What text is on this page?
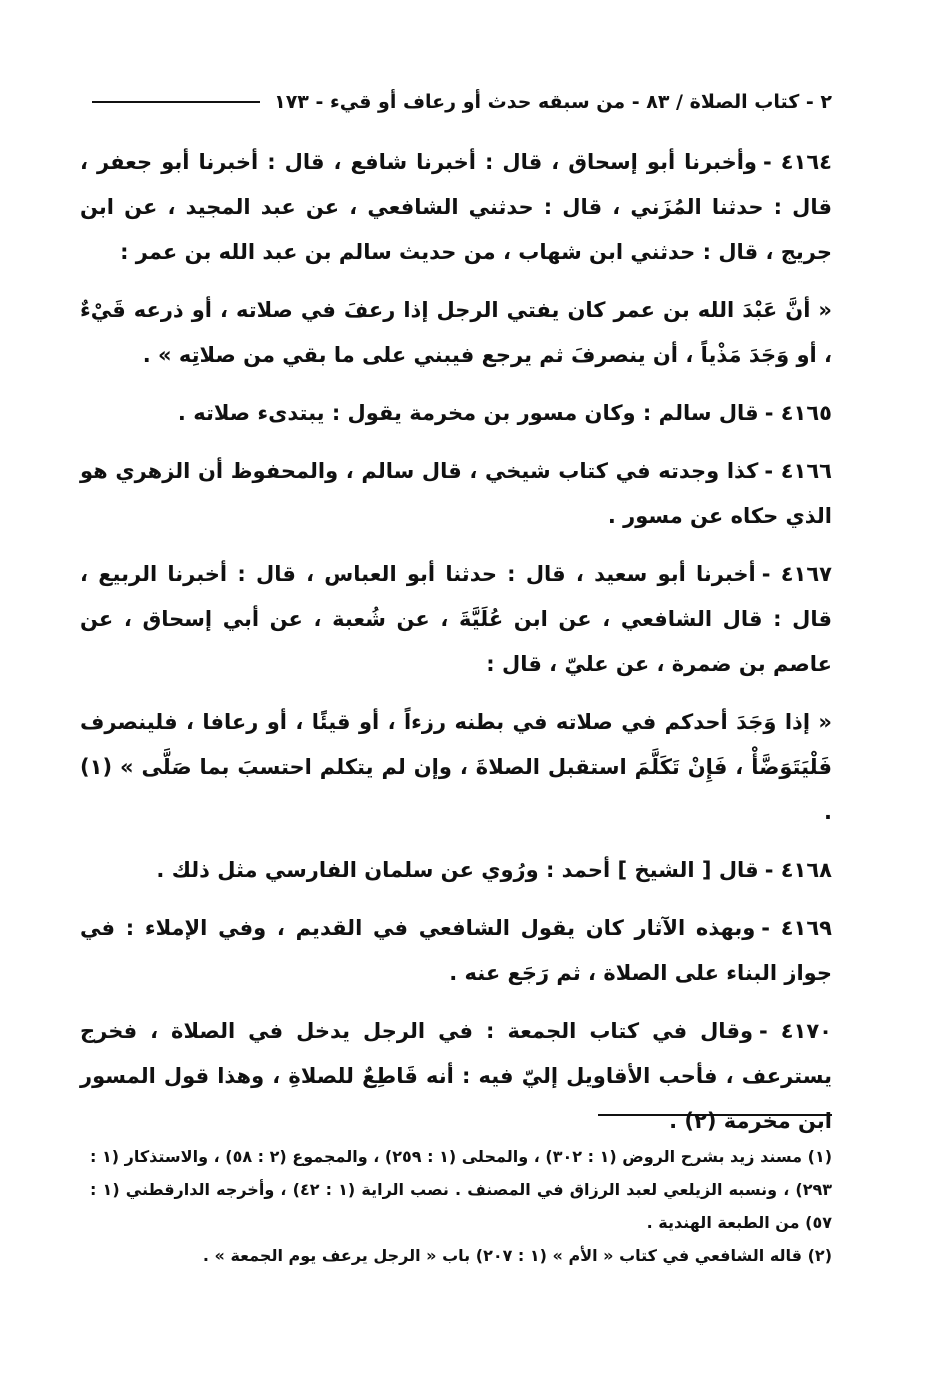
٢ - كتاب الصلاة / ٨٣ - من سبقه حدث أو رعاف أو قيء - ١٧٣

٤١٦٤ -وأخبرنا أبو إسحاق ، قال : أخبرنا شافع ، قال : أخبرنا أبو جعفر ، قال : حدثنا المُزَني ، قال : حدثني الشافعي ، عن عبد المجيد ، عن ابن جريج ، قال : حدثني ابن شهاب ، من حديث سالم بن عبد الله بن عمر :

« أنَّ عَبْدَ الله بن عمر كان يفتي الرجل إذا رعفَ في صلاته ، أو ذرعه قَيْءٌ ، أو وَجَدَ مَذْياً ، أن ينصرفَ ثم يرجع فيبني على ما بقي من صلاتِه » .

٤١٦٥ -قال سالم : وكان مسور بن مخرمة يقول : يبتدىء صلاته .

٤١٦٦ -كذا وجدته في كتاب شيخي ، قال سالم ، والمحفوظ أن الزهري هو الذي حكاه عن مسور .

٤١٦٧ -أخبرنا أبو سعيد ، قال : حدثنا أبو العباس ، قال : أخبرنا الربيع ، قال : قال الشافعي ، عن ابن عُلَيَّةَ ، عن شُعبة ، عن أبي إسحاق ، عن عاصم بن ضمرة ، عن عليّ ، قال :

« إذا وَجَدَ أحدكم في صلاته في بطنه رزءاً ، أو قيئًا ، أو رعافا ، فلينصرف فَلْيَتَوَضَّأْ ، فَإِنْ تَكَلَّمَ استقبل الصلاةَ ، وإن لم يتكلم احتسبَ بما صَلَّى » (١) .

٤١٦٨ -قال [ الشيخ ] أحمد : ورُوي عن سلمان الفارسي مثل ذلك .

٤١٦٩ -وبهذه الآثار كان يقول الشافعي في القديم ، وفي الإملاء : في جواز البناء على الصلاة ، ثم رَجَع عنه .

٤١٧٠ -وقال في كتاب الجمعة : في الرجل يدخل في الصلاة ، فخرج يسترعف ، فأحب الأقاويل إليّ فيه : أنه قَاطِعٌ للصلاةِ ، وهذا قول المسور ابن مخرمة (٢) .

(١) مسند زيد بشرح الروض (١ : ٣٠٢) ، والمحلى (١ : ٢٥٩) ، والمجموع (٢ : ٥٨) ، والاستذكار (١ : ٢٩٣) ، ونسبه الزيلعي لعبد الرزاق في المصنف . نصب الراية (١ : ٤٢) ، وأخرجه الدارقطني (١ : ٥٧) من الطبعة الهندية .

(٢) قاله الشافعي في كتاب « الأم » (١ : ٢٠٧) باب « الرجل يرعف يوم الجمعة » .
